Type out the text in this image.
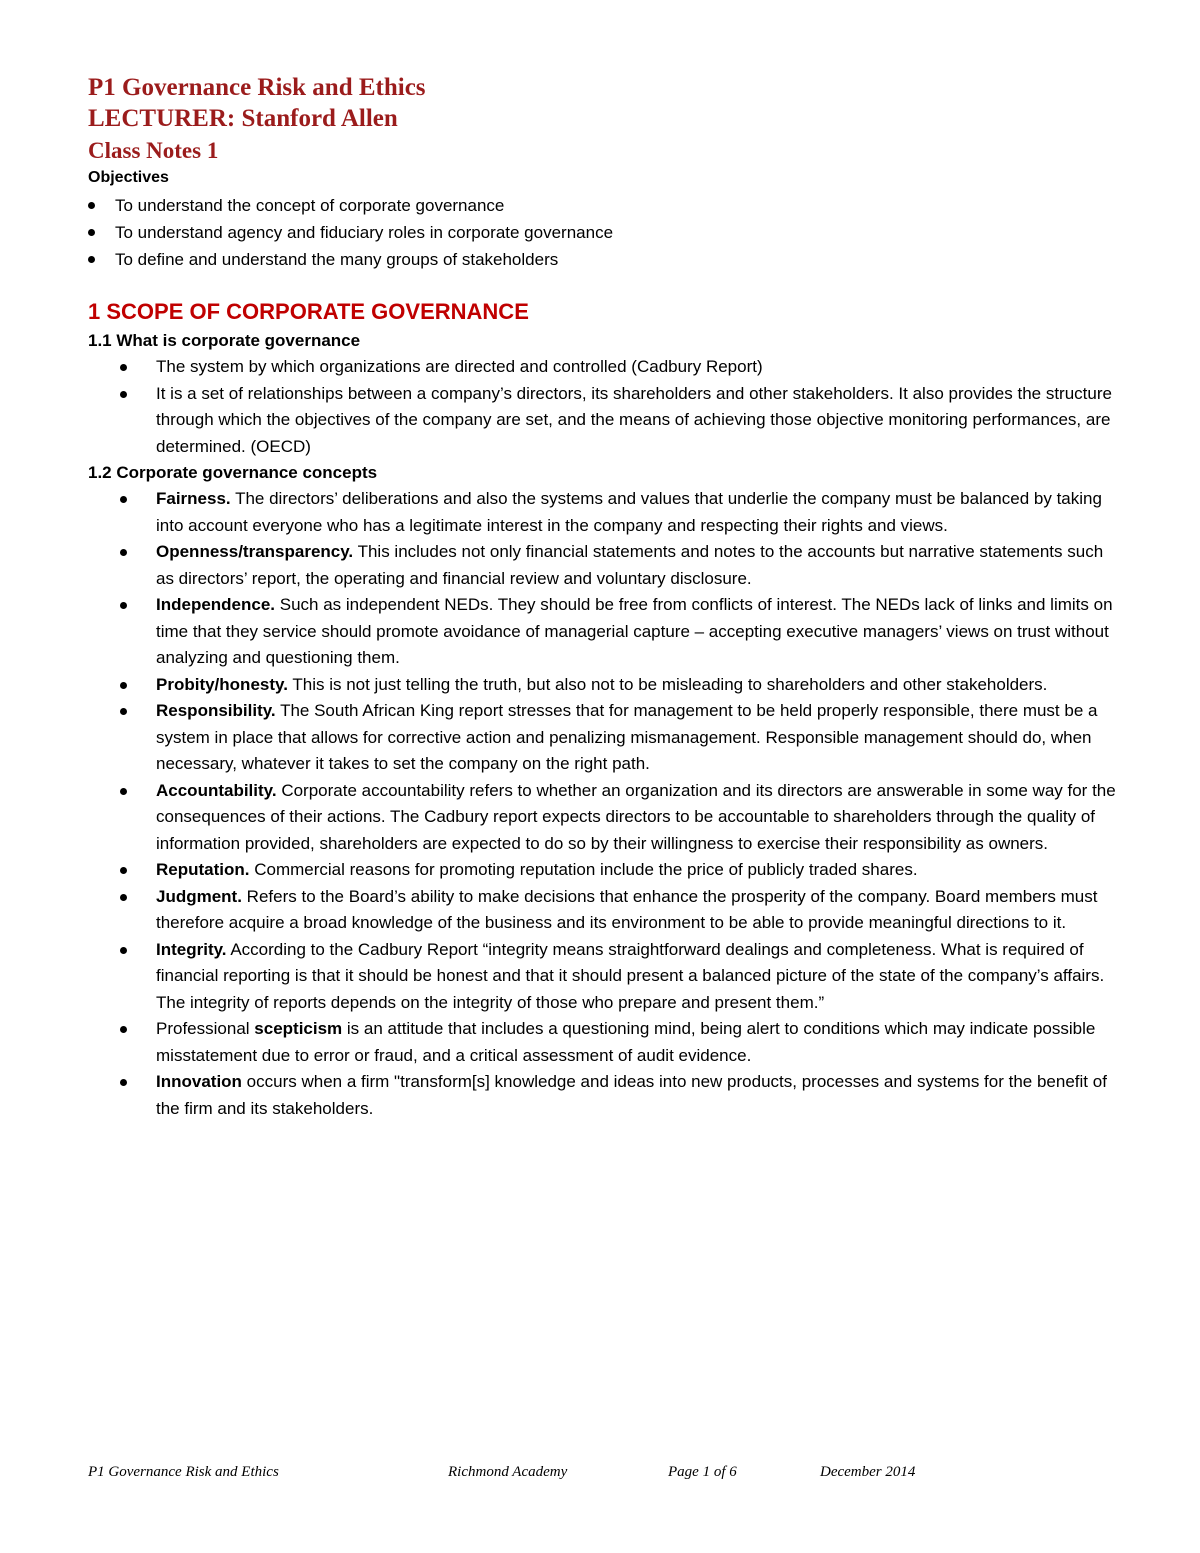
P1 Governance Risk and Ethics
LECTURER: Stanford Allen
Class Notes 1

Objectives

To understand the concept of corporate governance
To understand agency and fiduciary roles in corporate governance
To define and understand the many groups of stakeholders
1 SCOPE OF CORPORATE GOVERNANCE

1.1 What is corporate governance

The system by which organizations are directed and controlled (Cadbury Report)
It is a set of relationships between a company’s directors, its shareholders and other stakeholders. It also provides the structure through which the objectives of the company are set, and the means of achieving those objective monitoring performances, are determined. (OECD)

1.2 Corporate governance concepts

Fairness. The directors’ deliberations and also the systems and values that underlie the company must be balanced by taking into account everyone who has a legitimate interest in the company and respecting their rights and views.
Openness/transparency. This includes not only financial statements and notes to the accounts but narrative statements such as directors’ report, the operating and financial review and voluntary disclosure.
Independence. Such as independent NEDs. They should be free from conflicts of interest. The NEDs lack of links and limits on time that they service should promote avoidance of managerial capture – accepting executive managers’ views on trust without analyzing and questioning them.
Probity/honesty. This is not just telling the truth, but also not to be misleading to shareholders and other stakeholders.
Responsibility. The South African King report stresses that for management to be held properly responsible, there must be a system in place that allows for corrective action and penalizing mismanagement. Responsible management should do, when necessary, whatever it takes to set the company on the right path.
Accountability. Corporate accountability refers to whether an organization and its directors are answerable in some way for the consequences of their actions. The Cadbury report expects directors to be accountable to shareholders through the quality of information provided, shareholders are expected to do so by their willingness to exercise their responsibility as owners.
Reputation. Commercial reasons for promoting reputation include the price of publicly traded shares.
Judgment. Refers to the Board’s ability to make decisions that enhance the prosperity of the company. Board members must therefore acquire a broad knowledge of the business and its environment to be able to provide meaningful directions to it.
Integrity. According to the Cadbury Report “integrity means straightforward dealings and completeness. What is required of financial reporting is that it should be honest and that it should present a balanced picture of the state of the company’s affairs. The integrity of reports depends on the integrity of those who prepare and present them.”
Professional scepticism is an attitude that includes a questioning mind, being alert to conditions which may indicate possible misstatement due to error or fraud, and a critical assessment of audit evidence.
Innovation occurs when a firm "transform[s] knowledge and ideas into new products, processes and systems for the benefit of the firm and its stakeholders.
P1 Governance Risk and Ethics	Richmond Academy	Page 1 of 6	December 2014
